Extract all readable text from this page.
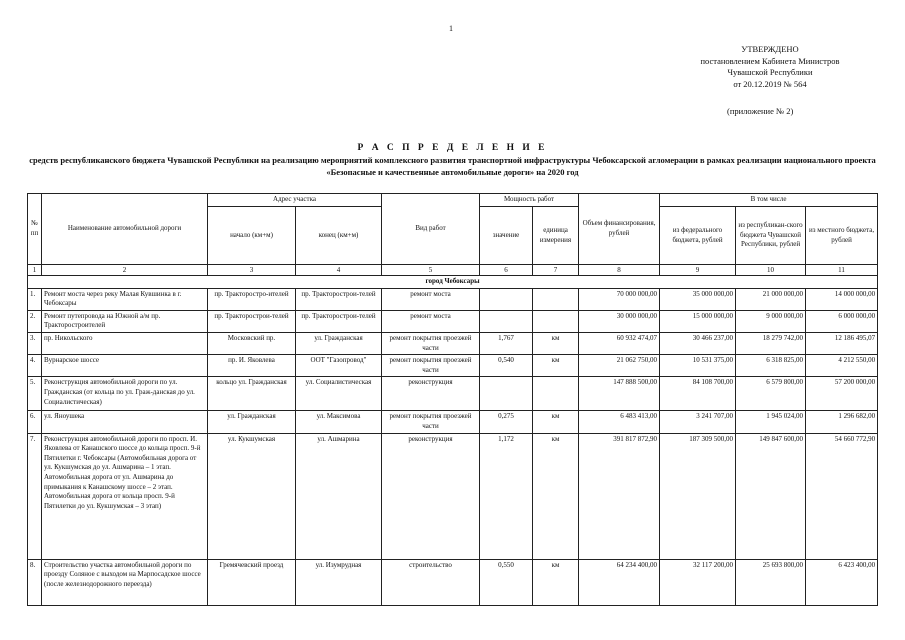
1
УТВЕРЖДЕНО
постановлением Кабинета Министров
Чувашской Республики
от 20.12.2019 № 564
(приложение № 2)
Р А С П Р Е Д Е Л Е Н И Е
средств республиканского бюджета Чувашской Республики на реализацию мероприятий комплексного развития транспортной инфраструктуры Чебоксарской агломерации в рамках реализации национального проекта «Безопасные и качественные автомобильные дороги» на 2020 год
№ пп	Наименование автомобильной дороги	Адрес участка		Вид работ	Мощность работ		Объем финансирования, рублей	В том числе		
		начало (км+м)	конец (км+м)		значение	единица измерения		из федерального бюджета, рублей	из республикан-ского бюджета Чувашской Республики, рублей	из местного бюджета, рублей
1	2	3	4	5	6	7	8	9	10	11
город Чебоксары										
1.	Ремонт моста через реку Малая Кувшинка в г. Чебоксары	пр. Тракторостро-ителей	пр. Тракторострои-телей	ремонт моста			70 000 000,00	35 000 000,00	21 000 000,00	14 000 000,00
2.	Ремонт путепровода на Южной а/м пр. Тракторостроителей	пр. Тракторострои-телей	пр. Тракторострои-телей	ремонт моста			30 000 000,00	15 000 000,00	9 000 000,00	6 000 000,00
3.	пр. Никольского	Московский пр.	ул. Гражданская	ремонт покрытия проезжей части	1,767	км	60 932 474,07	30 466 237,00	18 279 742,00	12 186 495,07
4.	Вурнарское шоссе	пр. И. Яковлева	ООТ "Газопровод"	ремонт покрытия проезжей части	0,540	км	21 062 750,00	10 531 375,00	6 318 825,00	4 212 550,00
5.	Реконструкция автомобильной дороги по ул. Гражданская (от кольца по ул. Граж-данская до ул. Социалистическая)	кольцо ул. Гражданская	ул. Социалистическая	реконструкция			147 888 500,00	84 108 700,00	6 579 800,00	57 200 000,00
6.	ул. Яноушека	ул. Гражданская	ул. Максимова	ремонт покрытия проезжей части	0,275	км	6 483 413,00	3 241 707,00	1 945 024,00	1 296 682,00
7.	Реконструкция автомобильной дороги по просп. И. Яковлева от Канашского шоссе до кольца просп. 9-й Пятилетки г. Чебоксары (Автомобильная дорога от ул. Кукшумская до ул. Ашмарина – 1 этап. Автомобильная дорога от ул. Ашмарина до примыкания к Канашскому шоссе – 2 этап. Автомобильная дорога от кольца просп. 9-й Пятилетки до ул. Кукшумская – 3 этап)	ул. Кукшумская	ул. Ашмарина	реконструкция	1,172	км	391 817 872,90	187 309 500,00	149 847 600,00	54 660 772,90
8.	Строительство участка автомобильной дороги по проезду Соляное с выходом на Марпосадское шоссе (после железнодорожного переезда)	Гремячевский проезд	ул. Изумрудная	строительство	0,550	км	64 234 400,00	32 117 200,00	25 693 800,00	6 423 400,00
